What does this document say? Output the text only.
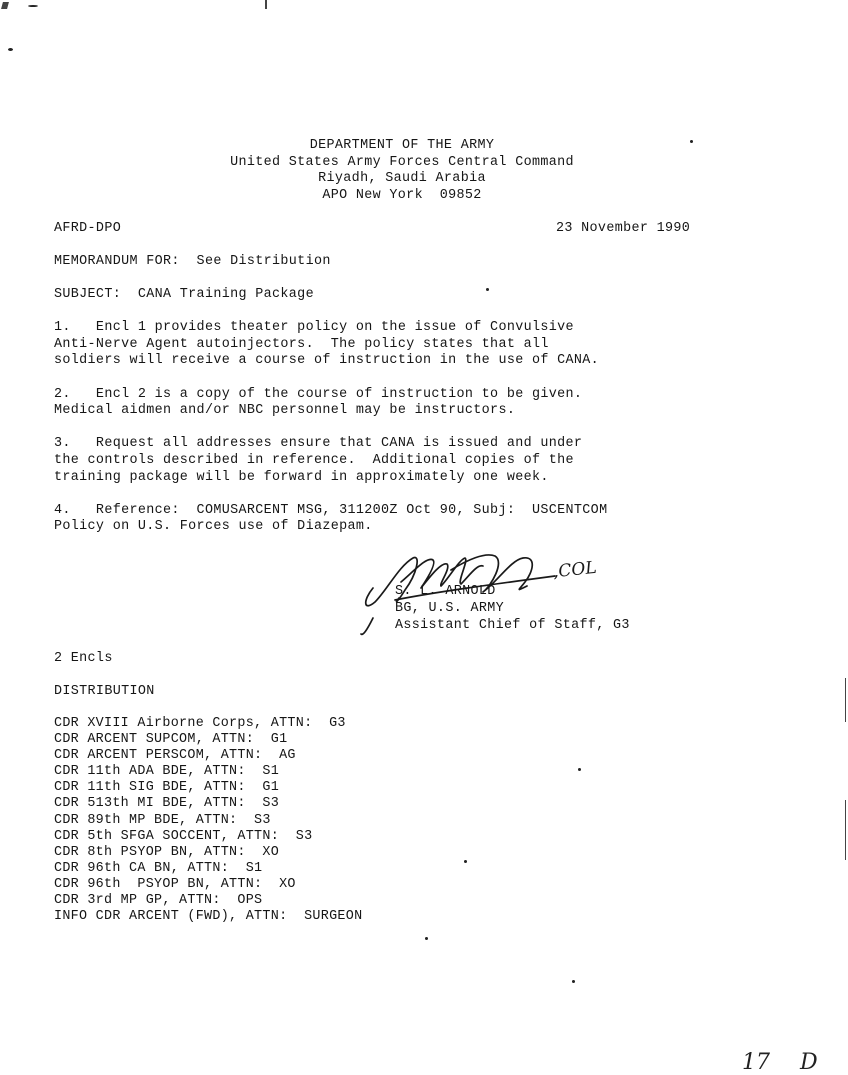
DEPARTMENT OF THE ARMY
United States Army Forces Central Command
Riyadh, Saudi Arabia
APO New York  09852
AFRD-DPO	23 November 1990
MEMORANDUM FOR:  See Distribution
SUBJECT:  CANA Training Package
1.   Encl 1 provides theater policy on the issue of Convulsive
Anti-Nerve Agent autoinjectors.  The policy states that all
soldiers will receive a course of instruction in the use of CANA.
2.   Encl 2 is a copy of the course of instruction to be given.
Medical aidmen and/or NBC personnel may be instructors.
3.   Request all addresses ensure that CANA is issued and under
the controls described in reference.  Additional copies of the
training package will be forward in approximately one week.
4.   Reference:  COMUSARCENT MSG, 311200Z Oct 90, Subj:  USCENTCOM
Policy on U.S. Forces use of Diazepam.
,COL
S. L. ARNOLD
BG, U.S. ARMY
Assistant Chief of Staff, G3
2 Encls
DISTRIBUTION
CDR XVIII Airborne Corps, ATTN:  G3
CDR ARCENT SUPCOM, ATTN:  G1
CDR ARCENT PERSCOM, ATTN:  AG
CDR 11th ADA BDE, ATTN:  S1
CDR 11th SIG BDE, ATTN:  G1
CDR 513th MI BDE, ATTN:  S3
CDR 89th MP BDE, ATTN:  S3
CDR 5th SFGA SOCCENT, ATTN:  S3
CDR 8th PSYOP BN, ATTN:  XO
CDR 96th CA BN, ATTN:  S1
CDR 96th  PSYOP BN, ATTN:  XO
CDR 3rd MP GP, ATTN:  OPS
INFO CDR ARCENT (FWD), ATTN:  SURGEON
17 D
